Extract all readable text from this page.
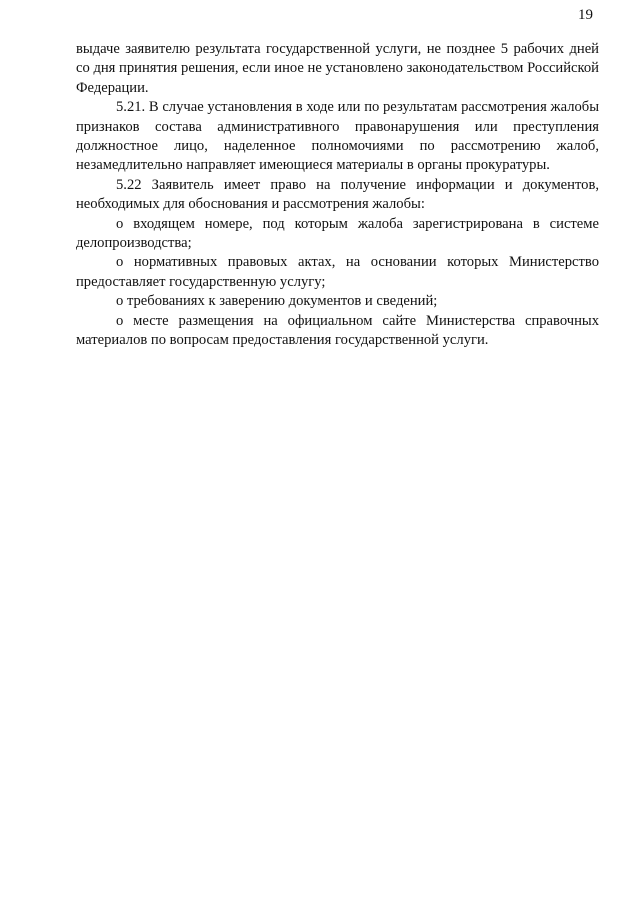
19

выдаче заявителю результата государственной услуги, не позднее 5 рабочих дней со дня принятия решения, если иное не установлено законодательством Российской Федерации.

5.21. В случае установления в ходе или по результатам рассмотрения жалобы признаков состава административного правонарушения или преступления должностное лицо, наделенное полномочиями по рассмотрению жалоб, незамедлительно направляет имеющиеся материалы в органы прокуратуры.

5.22 Заявитель имеет право на получение информации и документов, необходимых для обоснования и рассмотрения жалобы:

о входящем номере, под которым жалоба зарегистрирована в системе делопроизводства;

о нормативных правовых актах, на основании которых Министерство предоставляет государственную услугу;

о требованиях к заверению документов и сведений;

о месте размещения на официальном сайте Министерства справочных материалов по вопросам предоставления государственной услуги.
